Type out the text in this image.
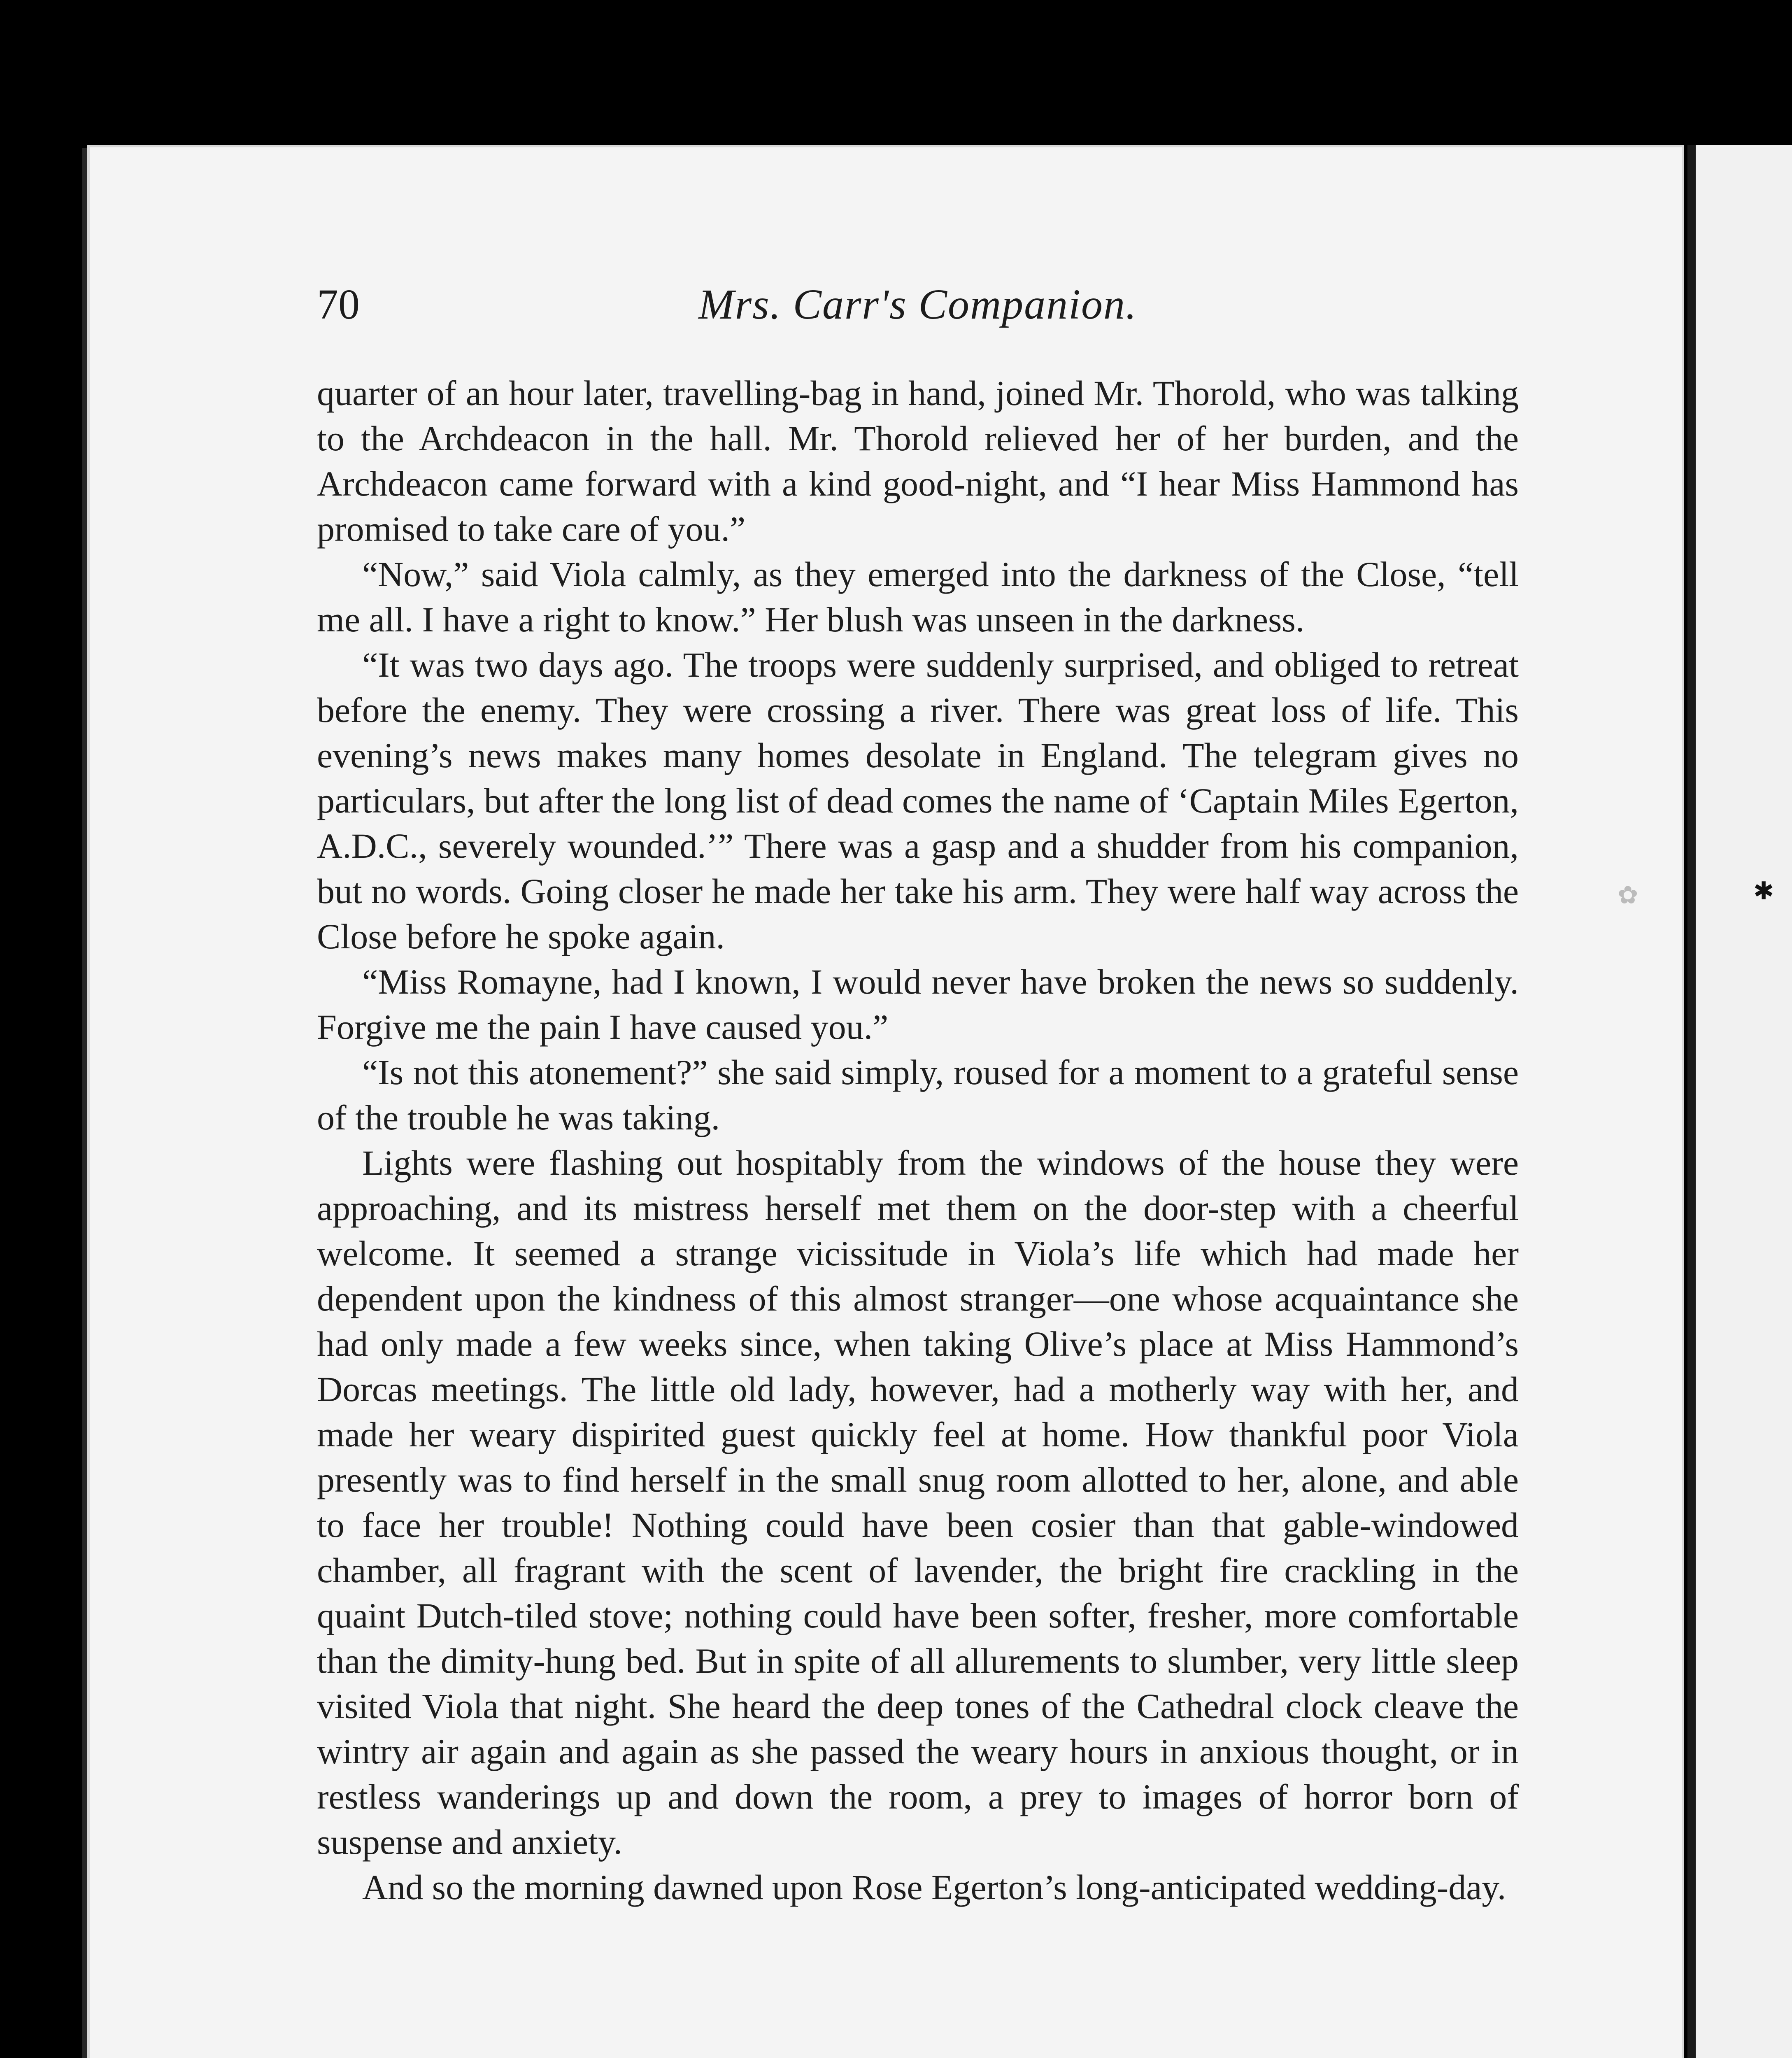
70	Mrs. Carr's Companion.

quarter of an hour later, travelling-bag in hand, joined Mr. Thorold, who was talking to the Archdeacon in the hall. Mr. Thorold relieved her of her burden, and the Archdeacon came forward with a kind good-night, and “I hear Miss Hammond has promised to take care of you.”

“Now,” said Viola calmly, as they emerged into the darkness of the Close, “tell me all. I have a right to know.” Her blush was unseen in the darkness.

“It was two days ago. The troops were suddenly surprised, and obliged to retreat before the enemy. They were crossing a river. There was great loss of life. This evening’s news makes many homes desolate in England. The telegram gives no particulars, but after the long list of dead comes the name of ‘Captain Miles Egerton, A.D.C., severely wounded.’” There was a gasp and a shudder from his companion, but no words. Going closer he made her take his arm. They were half way across the Close before he spoke again.

“Miss Romayne, had I known, I would never have broken the news so suddenly. Forgive me the pain I have caused you.”

“Is not this atonement?” she said simply, roused for a moment to a grateful sense of the trouble he was taking.

Lights were flashing out hospitably from the windows of the house they were approaching, and its mistress herself met them on the door-step with a cheerful welcome. It seemed a strange vicissitude in Viola’s life which had made her dependent upon the kindness of this almost stranger—one whose acquaintance she had only made a few weeks since, when taking Olive’s place at Miss Hammond’s Dorcas meetings. The little old lady, however, had a motherly way with her, and made her weary dispirited guest quickly feel at home. How thankful poor Viola presently was to find herself in the small snug room allotted to her, alone, and able to face her trouble! Nothing could have been cosier than that gable-windowed chamber, all fragrant with the scent of lavender, the bright fire crackling in the quaint Dutch-tiled stove; nothing could have been softer, fresher, more comfortable than the dimity-hung bed. But in spite of all allurements to slumber, very little sleep visited Viola that night. She heard the deep tones of the Cathedral clock cleave the wintry air again and again as she passed the weary hours in anxious thought, or in restless wanderings up and down the room, a prey to images of horror born of suspense and anxiety.

And so the morning dawned upon Rose Egerton’s long-anticipated wedding-day.

✿	✱
